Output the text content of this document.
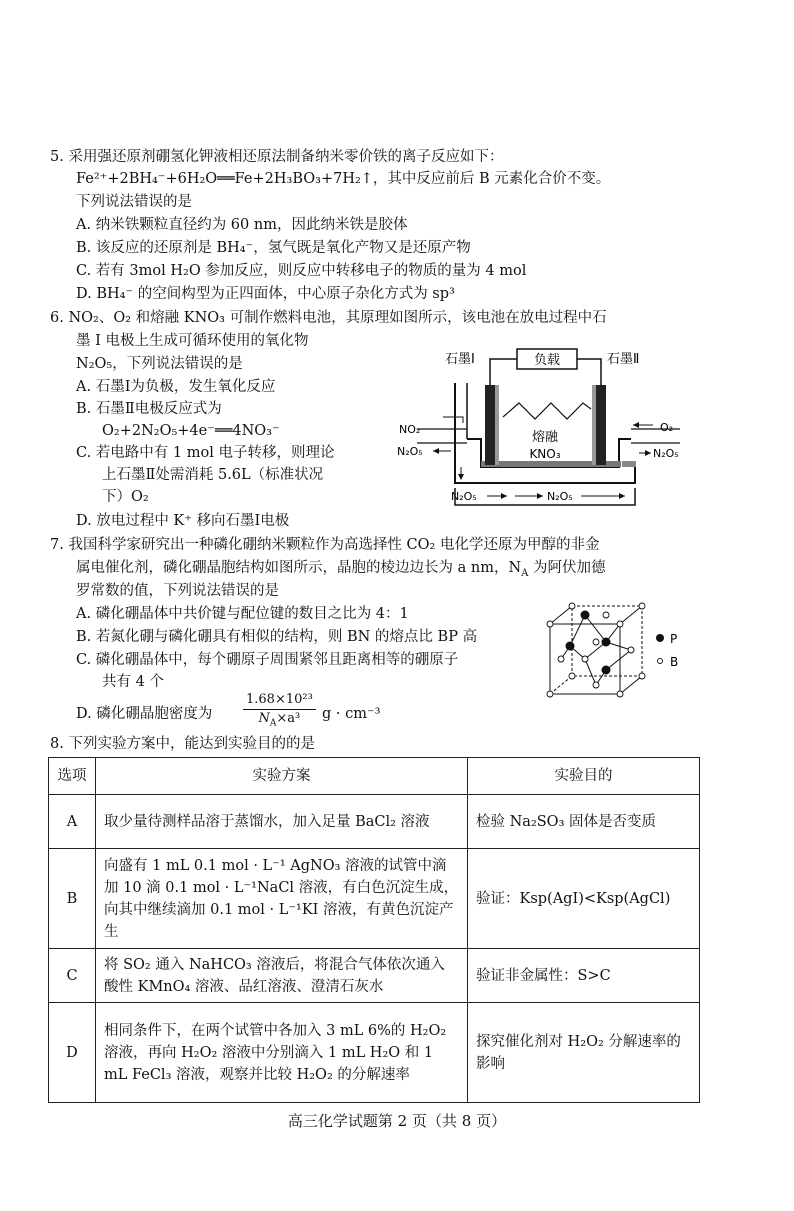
5. 采用强还原剂硼氢化钾液相还原法制备纳米零价铁的离子反应如下：
Fe²⁺+2BH₄⁻+6H₂O══Fe+2H₃BO₃+7H₂↑，其中反应前后 B 元素化合价不变。
下列说法错误的是
A. 纳米铁颗粒直径约为 60 nm，因此纳米铁是胶体
B. 该反应的还原剂是 BH₄⁻，氢气既是氧化产物又是还原产物
C. 若有 3mol H₂O 参加反应，则反应中转移电子的物质的量为 4 mol
D. BH₄⁻ 的空间构型为正四面体，中心原子杂化方式为 sp³
6. NO₂、O₂ 和熔融 KNO₃ 可制作燃料电池，其原理如图所示，该电池在放电过程中石
墨 Ⅰ 电极上生成可循环使用的氧化物
N₂O₅，下列说法错误的是
A. 石墨Ⅰ为负极，发生氧化反应
B. 石墨Ⅱ电极反应式为
O₂+2N₂O₅+4e⁻══4NO₃⁻
C. 若电路中有 1 mol 电子转移，则理论
上石墨Ⅱ处需消耗 5.6L（标准状况
下）O₂
D. 放电过程中 K⁺ 移向石墨Ⅰ电极
负载
石墨Ⅰ	石墨Ⅱ
熔融
KNO₃
NO₂
N₂O₅
O₂
N₂O₅
N₂O₅	N₂O₅
7. 我国科学家研究出一种磷化硼纳米颗粒作为高选择性 CO₂ 电化学还原为甲醇的非金
属电催化剂，磷化硼晶胞结构如图所示，晶胞的棱边边长为 a nm，$N_A$ 为阿伏加德
罗常数的值，下列说法错误的是
A. 磷化硼晶体中共价键与配位键的数目之比为 4：1
B. 若氮化硼与磷化硼具有相似的结构，则 BN 的熔点比 BP 高
C. 磷化硼晶体中，每个硼原子周围紧邻且距离相等的硼原子
共有 4 个
D. 磷化硼晶胞密度为 $\frac{\text{1.68×10²³}}{N_A\times a^3}$ g · cm⁻³
P
B
8. 下列实验方案中，能达到实验目的的是
选项	实验方案	实验目的
A	取少量待测样品溶于蒸馏水，加入足量 BaCl₂ 溶液	检验 Na₂SO₃ 固体是否变质
B	向盛有 1 mL 0.1 mol · L⁻¹ AgNO₃ 溶液的试管中滴加 10 滴 0.1 mol · L⁻¹NaCl 溶液，有白色沉淀生成，向其中继续滴加 0.1 mol · L⁻¹KI 溶液，有黄色沉淀产生	验证：Ksp(AgI)<Ksp(AgCl)
C	将 SO₂ 通入 NaHCO₃ 溶液后，将混合气体依次通入酸性 KMnO₄ 溶液、品红溶液、澄清石灰水	验证非金属性：S>C
D	相同条件下，在两个试管中各加入 3 mL 6%的 H₂O₂ 溶液，再向 H₂O₂ 溶液中分别滴入 1 mL H₂O 和 1 mL FeCl₃ 溶液，观察并比较 H₂O₂ 的分解速率	探究催化剂对 H₂O₂ 分解速率的影响
高三化学试题第 2 页（共 8 页）
